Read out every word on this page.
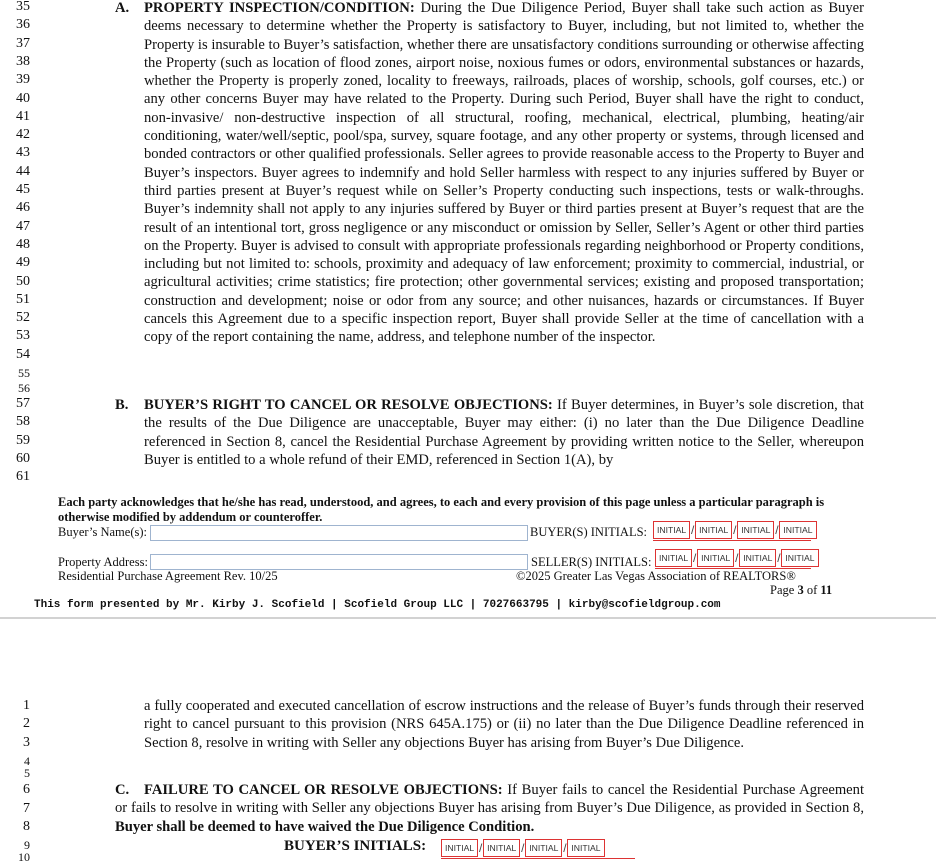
35
36
37
38
39
40
41
42
43
44
45
46
47
48
49
50
51
52
53
54
55
56
57
58
59
60
61
A. PROPERTY INSPECTION/CONDITION: During the Due Diligence Period, Buyer shall take such action as Buyer deems necessary to determine whether the Property is satisfactory to Buyer, including, but not limited to, whether the Property is insurable to Buyer’s satisfaction, whether there are unsatisfactory conditions surrounding or otherwise affecting the Property (such as location of flood zones, airport noise, noxious fumes or odors, environmental substances or hazards, whether the Property is properly zoned, locality to freeways, railroads, places of worship, schools, golf courses, etc.) or any other concerns Buyer may have related to the Property. During such Period, Buyer shall have the right to conduct, non-invasive/ non-destructive inspection of all structural, roofing, mechanical, electrical, plumbing, heating/air conditioning, water/well/septic, pool/spa, survey, square footage, and any other property or systems, through licensed and bonded contractors or other qualified professionals. Seller agrees to provide reasonable access to the Property to Buyer and Buyer’s inspectors. Buyer agrees to indemnify and hold Seller harmless with respect to any injuries suffered by Buyer or third parties present at Buyer’s request while on Seller’s Property conducting such inspections, tests or walk-throughs. Buyer’s indemnity shall not apply to any injuries suffered by Buyer or third parties present at Buyer’s request that are the result of an intentional tort, gross negligence or any misconduct or omission by Seller, Seller’s Agent or other third parties on the Property. Buyer is advised to consult with appropriate professionals regarding neighborhood or Property conditions, including but not limited to: schools, proximity and adequacy of law enforcement; proximity to commercial, industrial, or agricultural activities; crime statistics; fire protection; other governmental services; existing and proposed transportation; construction and development; noise or odor from any source; and other nuisances, hazards or circumstances. If Buyer cancels this Agreement due to a specific inspection report, Buyer shall provide Seller at the time of cancellation with a copy of the report containing the name, address, and telephone number of the inspector.

B. BUYER’S RIGHT TO CANCEL OR RESOLVE OBJECTIONS: If Buyer determines, in Buyer’s sole discretion, that the results of the Due Diligence are unacceptable, Buyer may either: (i) no later than the Due Diligence Deadline referenced in Section 8, cancel the Residential Purchase Agreement by providing written notice to the Seller, whereupon Buyer is entitled to a whole refund of their EMD, referenced in Section 1(A), by

Each party acknowledges that he/she has read, understood, and agrees, to each and every provision of this page unless a particular paragraph is otherwise modified by addendum or counteroffer.
Buyer’s Name(s):	BUYER(S) INITIALS:	INITIAL / INITIAL / INITIAL / INITIAL
Property Address:	SELLER(S) INITIALS: INITIAL / INITIAL / INITIAL / INITIAL
Residential Purchase Agreement Rev. 10/25	©2025 Greater Las Vegas Association of REALTORS®
Page 3 of 11
This form presented by Mr. Kirby J. Scofield | Scofield Group LLC | 7027663795 | kirby@scofieldgroup.com
1
2
3
4
5
6
7
8
9
10
a fully cooperated and executed cancellation of escrow instructions and the release of Buyer’s funds through their reserved right to cancel pursuant to this provision (NRS 645A.175) or (ii) no later than the Due Diligence Deadline referenced in Section 8, resolve in writing with Seller any objections Buyer has arising from Buyer’s Due Diligence.
C.	FAILURE TO CANCEL OR RESOLVE OBJECTIONS: If Buyer fails to cancel the Residential Purchase Agreement or fails to resolve in writing with Seller any objections Buyer has arising from Buyer’s Due Diligence, as provided in Section 8, Buyer shall be deemed to have waived the Due Diligence Condition.

BUYER’S INITIALS:	INITIAL / INITIAL / INITIAL / INITIAL
